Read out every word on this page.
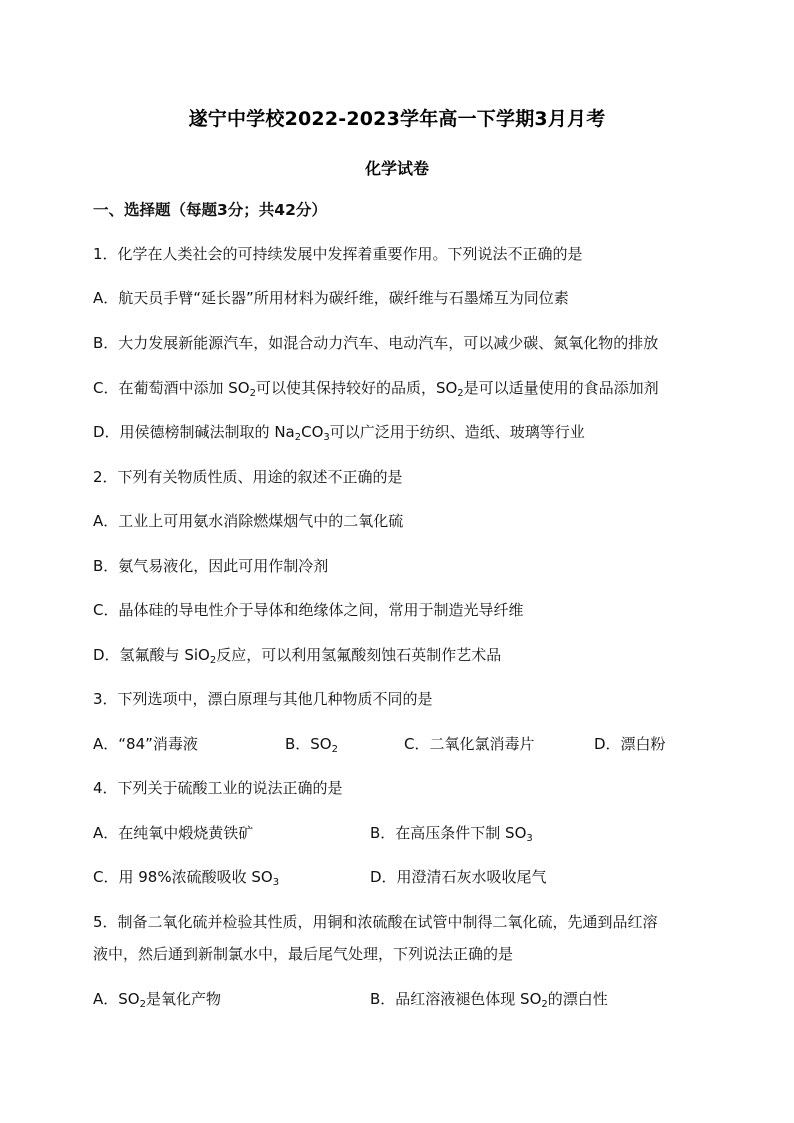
遂宁中学校2022-2023学年高一下学期3月月考
化学试卷
一、选择题（每题3分；共42分）
1．化学在人类社会的可持续发展中发挥着重要作用。下列说法不正确的是
A．航天员手臂“延长器”所用材料为碳纤维，碳纤维与石墨烯互为同位素
B．大力发展新能源汽车，如混合动力汽车、电动汽车，可以减少碳、氮氧化物的排放
C．在葡萄酒中添加 $SO_2$可以使其保持较好的品质，$SO_2$是可以适量使用的食品添加剂
D．用侯德榜制碱法制取的 $Na_2CO_3$可以广泛用于纺织、造纸、玻璃等行业
2．下列有关物质性质、用途的叙述不正确的是
A．工业上可用氨水消除燃煤烟气中的二氧化硫
B．氨气易液化，因此可用作制冷剂
C．晶体硅的导电性介于导体和绝缘体之间，常用于制造光导纤维
D．氢氟酸与 SiO$_2$反应，可以利用氢氟酸刻蚀石英制作艺术品
3．下列选项中，漂白原理与其他几种物质不同的是
A．“84”消毒液	B．$SO_2$	C．二氧化氯消毒片	D．漂白粉
4．下列关于硫酸工业的说法正确的是
A．在纯氧中煅烧黄铁矿	B．在高压条件下制 $SO_3$
C．用 98%浓硫酸吸收 $SO_3$	D．用澄清石灰水吸收尾气
5．制备二氧化硫并检验其性质，用铜和浓硫酸在试管中制得二氧化硫，先通到品红溶
液中，然后通到新制氯水中，最后尾气处理，下列说法正确的是
A．$SO_2$是氧化产物	B．品红溶液褪色体现 $SO_2$的漂白性
